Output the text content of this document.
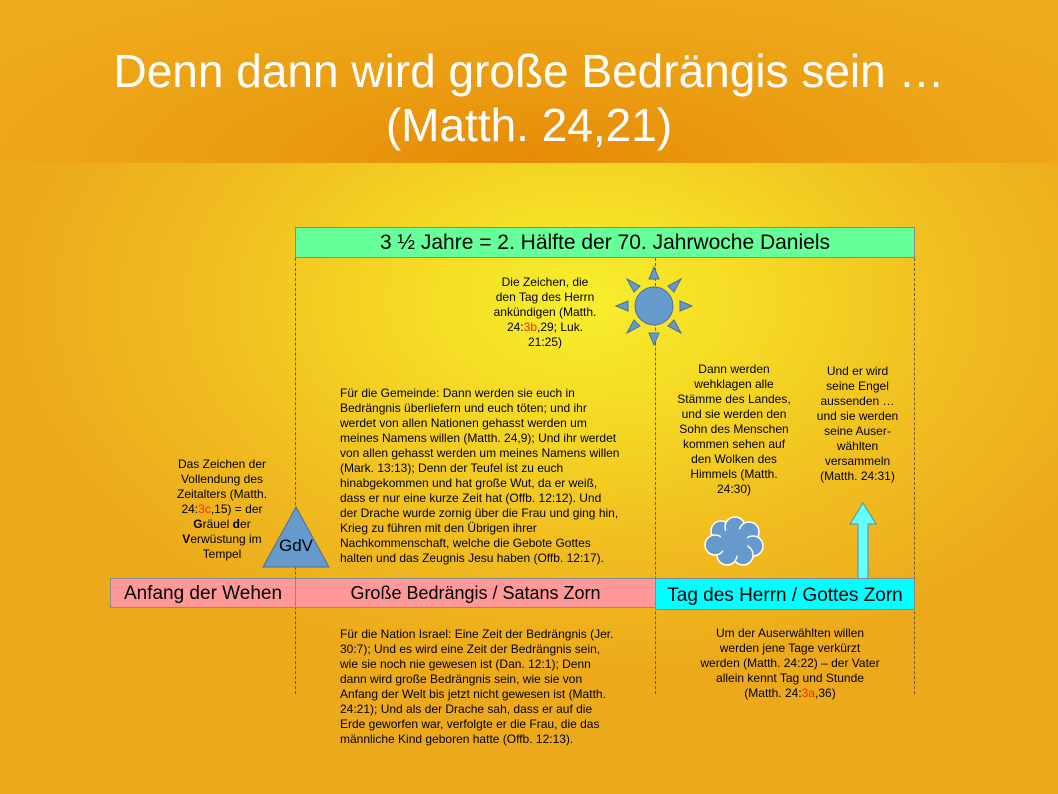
Denn dann wird große Bedrängis sein …
(Matth. 24,21)
3 ½ Jahre = 2. Hälfte der 70. Jahrwoche Daniels
Die Zeichen, die
den Tag des Herrn
ankündigen (Matth.
24:3b,29; Luk.
21:25)
Für die Gemeinde: Dann werden sie euch in
Bedrängnis überliefern und euch töten; und ihr
werdet von allen Nationen gehasst werden um
meines Namens willen (Matth. 24,9); Und ihr werdet
von allen gehasst werden um meines Namens willen
(Mark. 13:13); Denn der Teufel ist zu euch
hinabgekommen und hat große Wut, da er weiß,
dass er nur eine kurze Zeit hat (Offb. 12:12). Und
der Drache wurde zornig über die Frau und ging hin,
Krieg zu führen mit den Übrigen ihrer
Nachkommenschaft, welche die Gebote Gottes
halten und das Zeugnis Jesu haben (Offb. 12:17).
Das Zeichen der
Vollendung des
Zeitalters (Matth.
24:3c,15) = der
Gräuel der
Verwüstung im
Tempel	GdV
Dann werden
wehklagen alle
Stämme des Landes,
und sie werden den
Sohn des Menschen
kommen sehen auf
den Wolken des
Himmels (Matth.
24:30)
Und er wird
seine Engel
aussenden …
und sie werden
seine Auser-
wählten
versammeln
(Matth. 24:31)
Anfang der Wehen	Große Bedrängis / Satans Zorn	Tag des Herrn / Gottes Zorn
Für die Nation Israel: Eine Zeit der Bedrängnis (Jer.
30:7); Und es wird eine Zeit der Bedrängnis sein,
wie sie noch nie gewesen ist (Dan. 12:1); Denn
dann wird große Bedrängnis sein, wie sie von
Anfang der Welt bis jetzt nicht gewesen ist (Matth.
24:21); Und als der Drache sah, dass er auf die
Erde geworfen war, verfolgte er die Frau, die das
männliche Kind geboren hatte (Offb. 12:13).
Um der Auserwählten willen
werden jene Tage verkürzt
werden (Matth. 24:22) – der Vater
allein kennt Tag und Stunde
(Matth. 24:3a,36)
